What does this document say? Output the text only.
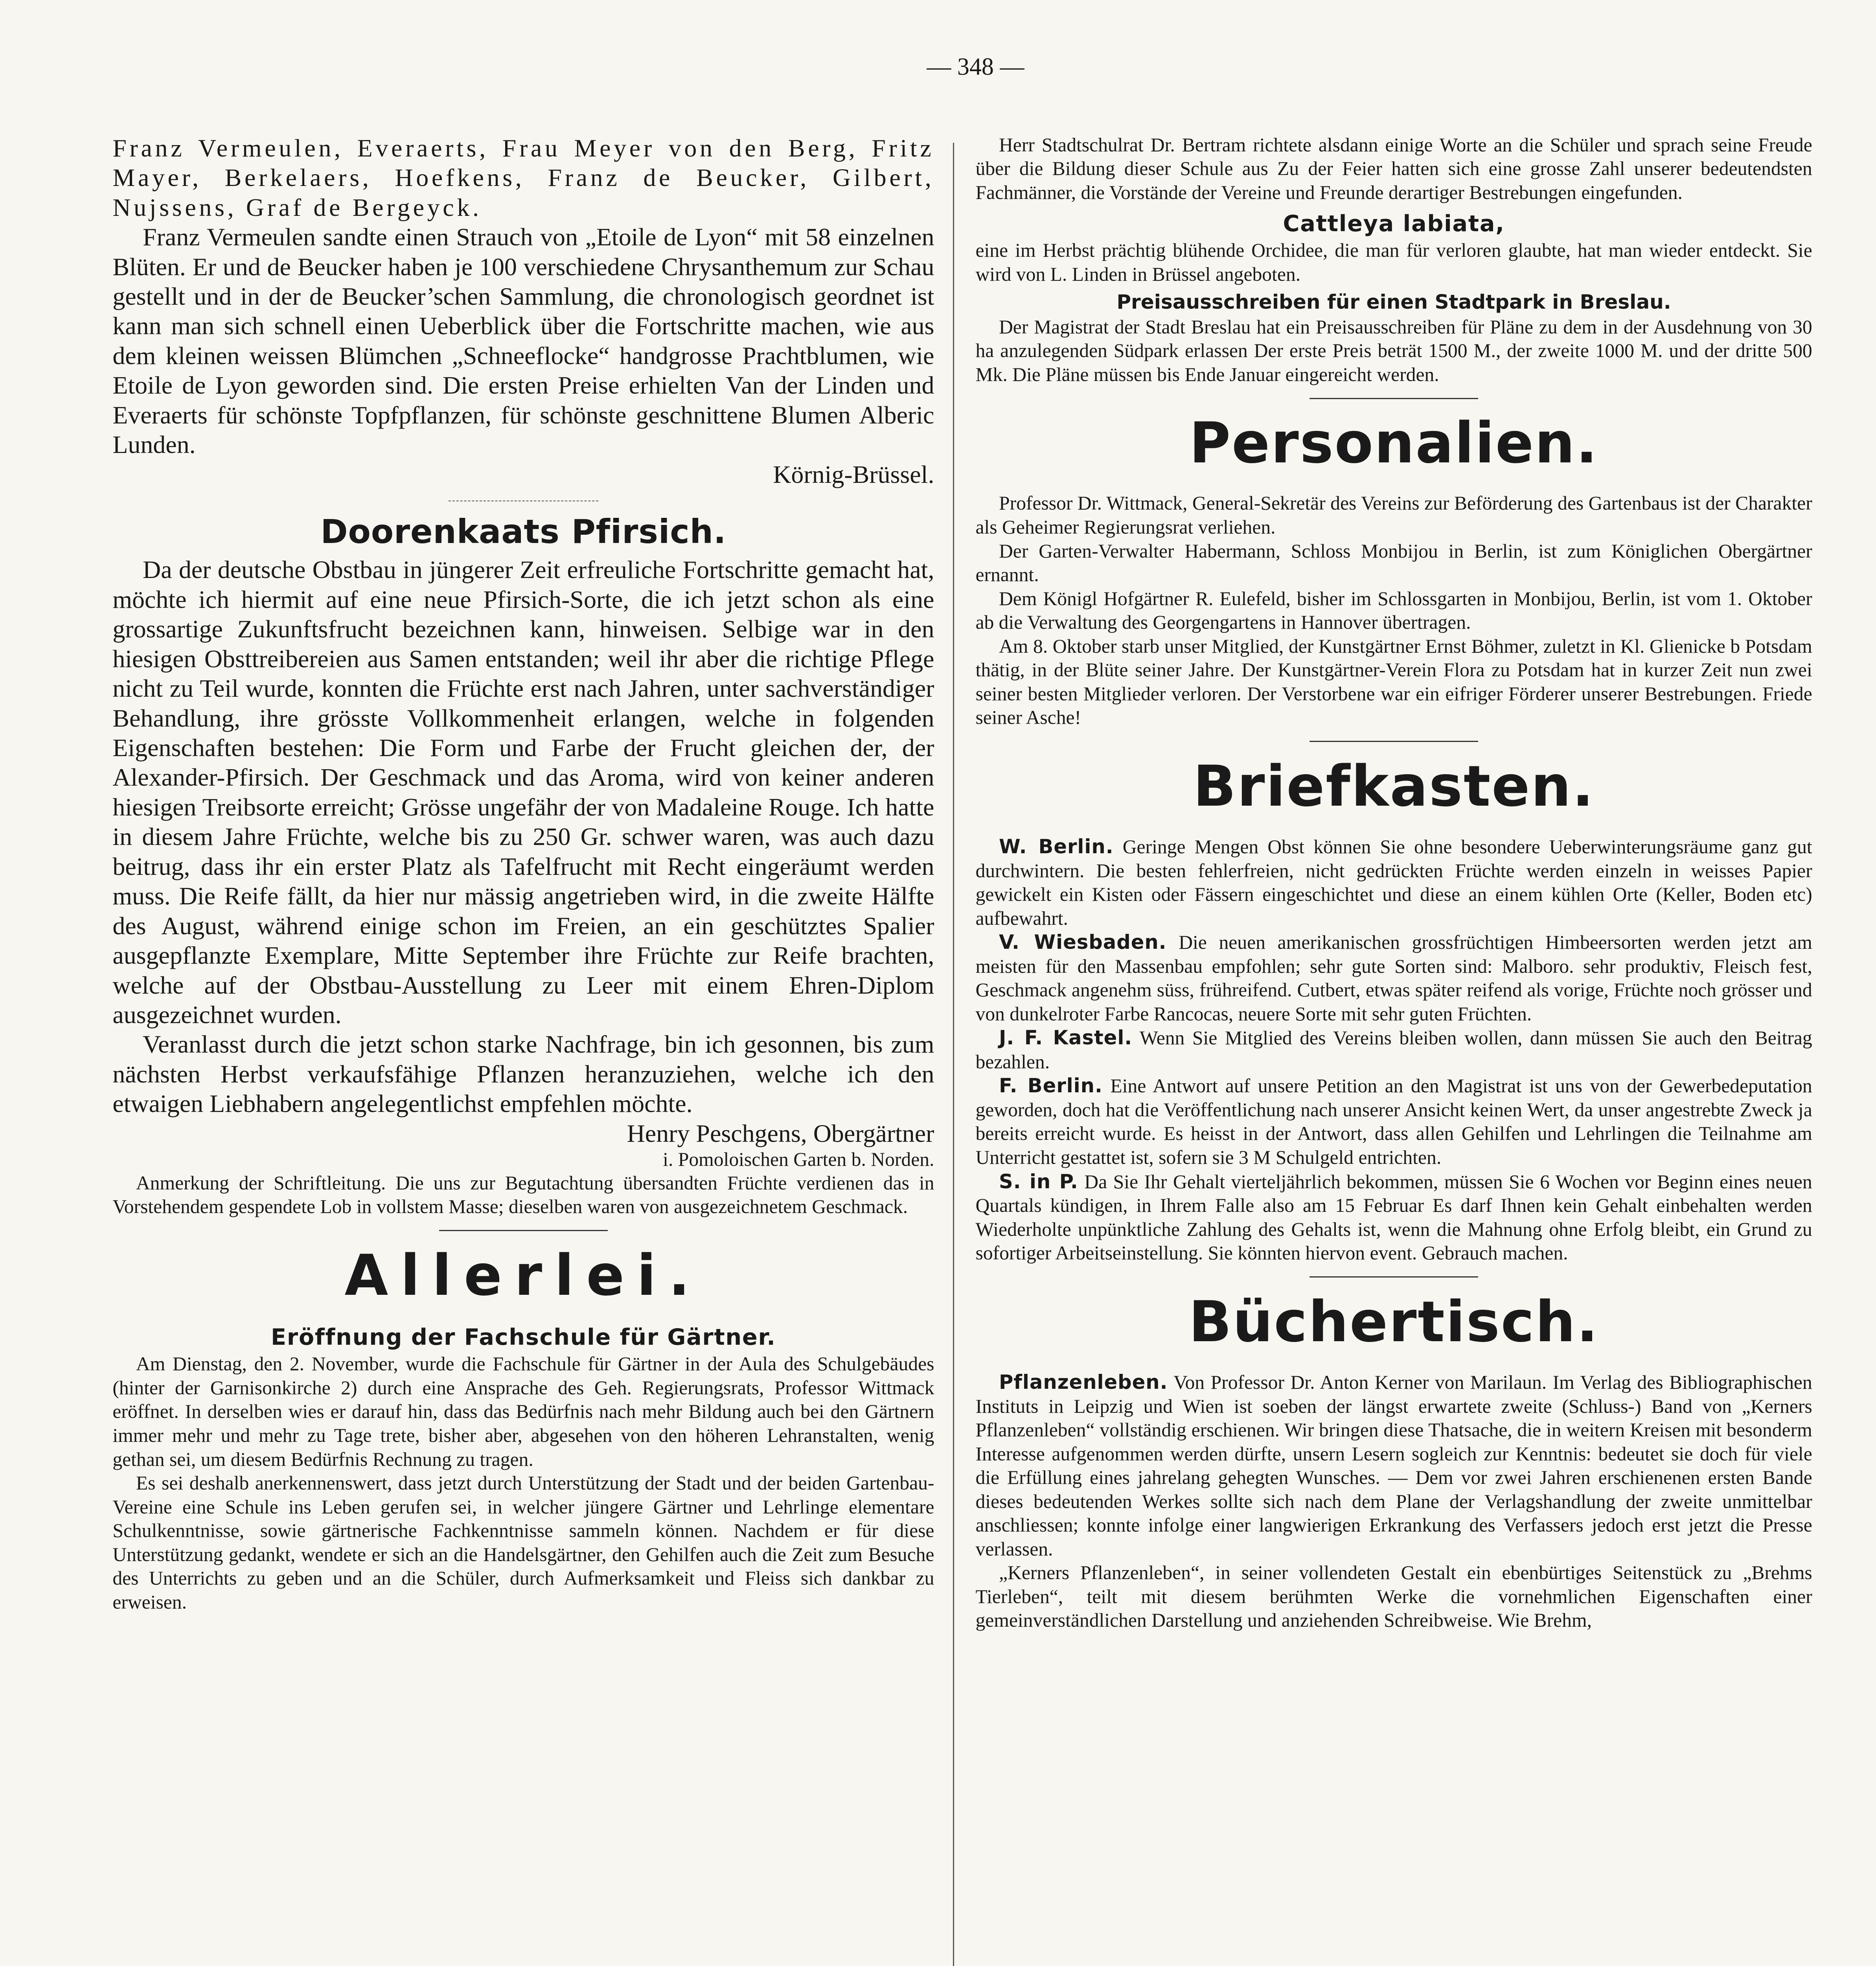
— 348 —

Franz Vermeulen, Everaerts, Frau Meyer von den Berg, Fritz Mayer, Berkelaers, Hoefkens, Franz de Beucker, Gilbert, Nujssens, Graf de Bergeyck.

Franz Vermeulen sandte einen Strauch von „Etoile de Lyon“ mit 58 einzelnen Blüten. Er und de Beucker haben je 100 verschiedene Chrysanthemum zur Schau gestellt und in der de Beucker’schen Sammlung, die chronologisch geordnet ist kann man sich schnell einen Ueberblick über die Fortschritte machen, wie aus dem kleinen weissen Blümchen „Schneeflocke“ handgrosse Prachtblumen, wie Etoile de Lyon geworden sind. Die ersten Preise erhielten Van der Linden und Everaerts für schönste Topfpflanzen, für schönste geschnittene Blumen Alberic Lunden.

Körnig-Brüssel.

Doorenkaats Pfirsich.

Da der deutsche Obstbau in jüngerer Zeit erfreuliche Fortschritte gemacht hat, möchte ich hiermit auf eine neue Pfirsich-Sorte, die ich jetzt schon als eine grossartige Zukunftsfrucht bezeichnen kann, hinweisen. Selbige war in den hiesigen Obsttreibereien aus Samen entstanden; weil ihr aber die richtige Pflege nicht zu Teil wurde, konnten die Früchte erst nach Jahren, unter sachverständiger Behandlung, ihre grösste Vollkommenheit erlangen, welche in folgenden Eigenschaften bestehen: Die Form und Farbe der Frucht gleichen der, der Alexander-Pfirsich. Der Geschmack und das Aroma, wird von keiner anderen hiesigen Treibsorte erreicht; Grösse ungefähr der von Madaleine Rouge. Ich hatte in diesem Jahre Früchte, welche bis zu 250 Gr. schwer waren, was auch dazu beitrug, dass ihr ein erster Platz als Tafelfrucht mit Recht eingeräumt werden muss. Die Reife fällt, da hier nur mässig angetrieben wird, in die zweite Hälfte des August, während einige schon im Freien, an ein geschütztes Spalier ausgepflanzte Exemplare, Mitte September ihre Früchte zur Reife brachten, welche auf der Obstbau-Ausstellung zu Leer mit einem Ehren-Diplom ausgezeichnet wurden.

Veranlasst durch die jetzt schon starke Nachfrage, bin ich gesonnen, bis zum nächsten Herbst verkaufsfähige Pflanzen heranzuziehen, welche ich den etwaigen Liebhabern angelegentlichst empfehlen möchte.

Henry Peschgens, Obergärtner

i. Pomoloischen Garten b. Norden.

Anmerkung der Schriftleitung. Die uns zur Begutachtung übersandten Früchte verdienen das in Vorstehendem gespendete Lob in vollstem Masse; dieselben waren von ausgezeichnetem Geschmack.

Allerlei.
Eröffnung der Fachschule für Gärtner.

Am Dienstag, den 2. November, wurde die Fachschule für Gärtner in der Aula des Schulgebäudes (hinter der Garnisonkirche 2) durch eine Ansprache des Geh. Regierungsrats, Professor Wittmack eröffnet. In derselben wies er darauf hin, dass das Bedürfnis nach mehr Bildung auch bei den Gärtnern immer mehr und mehr zu Tage trete, bisher aber, abgesehen von den höheren Lehranstalten, wenig gethan sei, um diesem Bedürfnis Rechnung zu tragen.

Es sei deshalb anerkennenswert, dass jetzt durch Unterstützung der Stadt und der beiden Gartenbau-Vereine eine Schule ins Leben gerufen sei, in welcher jüngere Gärtner und Lehrlinge elementare Schulkenntnisse, sowie gärtnerische Fachkenntnisse sammeln können. Nachdem er für diese Unterstützung gedankt, wendete er sich an die Handelsgärtner, den Gehilfen auch die Zeit zum Besuche des Unterrichts zu geben und an die Schüler, durch Aufmerksamkeit und Fleiss sich dankbar zu erweisen.

Herr Stadtschulrat Dr. Bertram richtete alsdann einige Worte an die Schüler und sprach seine Freude über die Bildung dieser Schule aus Zu der Feier hatten sich eine grosse Zahl unserer bedeutendsten Fachmänner, die Vorstände der Vereine und Freunde derartiger Bestrebungen eingefunden.

Cattleya labiata,

eine im Herbst prächtig blühende Orchidee, die man für verloren glaubte, hat man wieder entdeckt. Sie wird von L. Linden in Brüssel angeboten.

Preisausschreiben für einen Stadtpark in Breslau.

Der Magistrat der Stadt Breslau hat ein Preisausschreiben für Pläne zu dem in der Ausdehnung von 30 ha anzulegenden Südpark erlassen Der erste Preis beträt 1500 M., der zweite 1000 M. und der dritte 500 Mk. Die Pläne müssen bis Ende Januar eingereicht werden.

Personalien.

Professor Dr. Wittmack, General-Sekretär des Vereins zur Beförderung des Gartenbaus ist der Charakter als Geheimer Regierungsrat verliehen.

Der Garten-Verwalter Habermann, Schloss Monbijou in Berlin, ist zum Königlichen Obergärtner ernannt.

Dem Königl Hofgärtner R. Eulefeld, bisher im Schlossgarten in Monbijou, Berlin, ist vom 1. Oktober ab die Verwaltung des Georgengartens in Hannover übertragen.

Am 8. Oktober starb unser Mitglied, der Kunstgärtner Ernst Böhmer, zuletzt in Kl. Glienicke b Potsdam thätig, in der Blüte seiner Jahre. Der Kunstgärtner-Verein Flora zu Potsdam hat in kurzer Zeit nun zwei seiner besten Mitglieder verloren. Der Verstorbene war ein eifriger Förderer unserer Bestrebungen. Friede seiner Asche!

Briefkasten.

W. Berlin. Geringe Mengen Obst können Sie ohne besondere Ueberwinterungsräume ganz gut durchwintern. Die besten fehlerfreien, nicht gedrückten Früchte werden einzeln in weisses Papier gewickelt ein Kisten oder Fässern eingeschichtet und diese an einem kühlen Orte (Keller, Boden etc) aufbewahrt.

V. Wiesbaden. Die neuen amerikanischen grossfrüchtigen Himbeersorten werden jetzt am meisten für den Massenbau empfohlen; sehr gute Sorten sind: Malboro. sehr produktiv, Fleisch fest, Geschmack angenehm süss, frühreifend. Cutbert, etwas später reifend als vorige, Früchte noch grösser und von dunkelroter Farbe Rancocas, neuere Sorte mit sehr guten Früchten.

J. F. Kastel. Wenn Sie Mitglied des Vereins bleiben wollen, dann müssen Sie auch den Beitrag bezahlen.

F. Berlin. Eine Antwort auf unsere Petition an den Magistrat ist uns von der Gewerbedeputation geworden, doch hat die Veröffentlichung nach unserer Ansicht keinen Wert, da unser angestrebte Zweck ja bereits erreicht wurde. Es heisst in der Antwort, dass allen Gehilfen und Lehrlingen die Teilnahme am Unterricht gestattet ist, sofern sie 3 M Schulgeld entrichten.

S. in P. Da Sie Ihr Gehalt vierteljährlich bekommen, müssen Sie 6 Wochen vor Beginn eines neuen Quartals kündigen, in Ihrem Falle also am 15 Februar Es darf Ihnen kein Gehalt einbehalten werden Wiederholte unpünktliche Zahlung des Gehalts ist, wenn die Mahnung ohne Erfolg bleibt, ein Grund zu sofortiger Arbeitseinstellung. Sie könnten hiervon event. Gebrauch machen.

Büchertisch.

Pflanzenleben. Von Professor Dr. Anton Kerner von Marilaun. Im Verlag des Bibliographischen Instituts in Leipzig und Wien ist soeben der längst erwartete zweite (Schluss-) Band von „Kerners Pflanzenleben“ vollständig erschienen. Wir bringen diese Thatsache, die in weitern Kreisen mit besonderm Interesse aufgenommen werden dürfte, unsern Lesern sogleich zur Kenntnis: bedeutet sie doch für viele die Erfüllung eines jahrelang gehegten Wunsches. — Dem vor zwei Jahren erschienenen ersten Bande dieses bedeutenden Werkes sollte sich nach dem Plane der Verlagshandlung der zweite unmittelbar anschliessen; konnte infolge einer langwierigen Erkrankung des Verfassers jedoch erst jetzt die Presse verlassen.

„Kerners Pflanzenleben“, in seiner vollendeten Gestalt ein ebenbürtiges Seitenstück zu „Brehms Tierleben“, teilt mit diesem berühmten Werke die vornehmlichen Eigenschaften einer gemeinverständlichen Darstellung und anziehenden Schreibweise. Wie Brehm,
